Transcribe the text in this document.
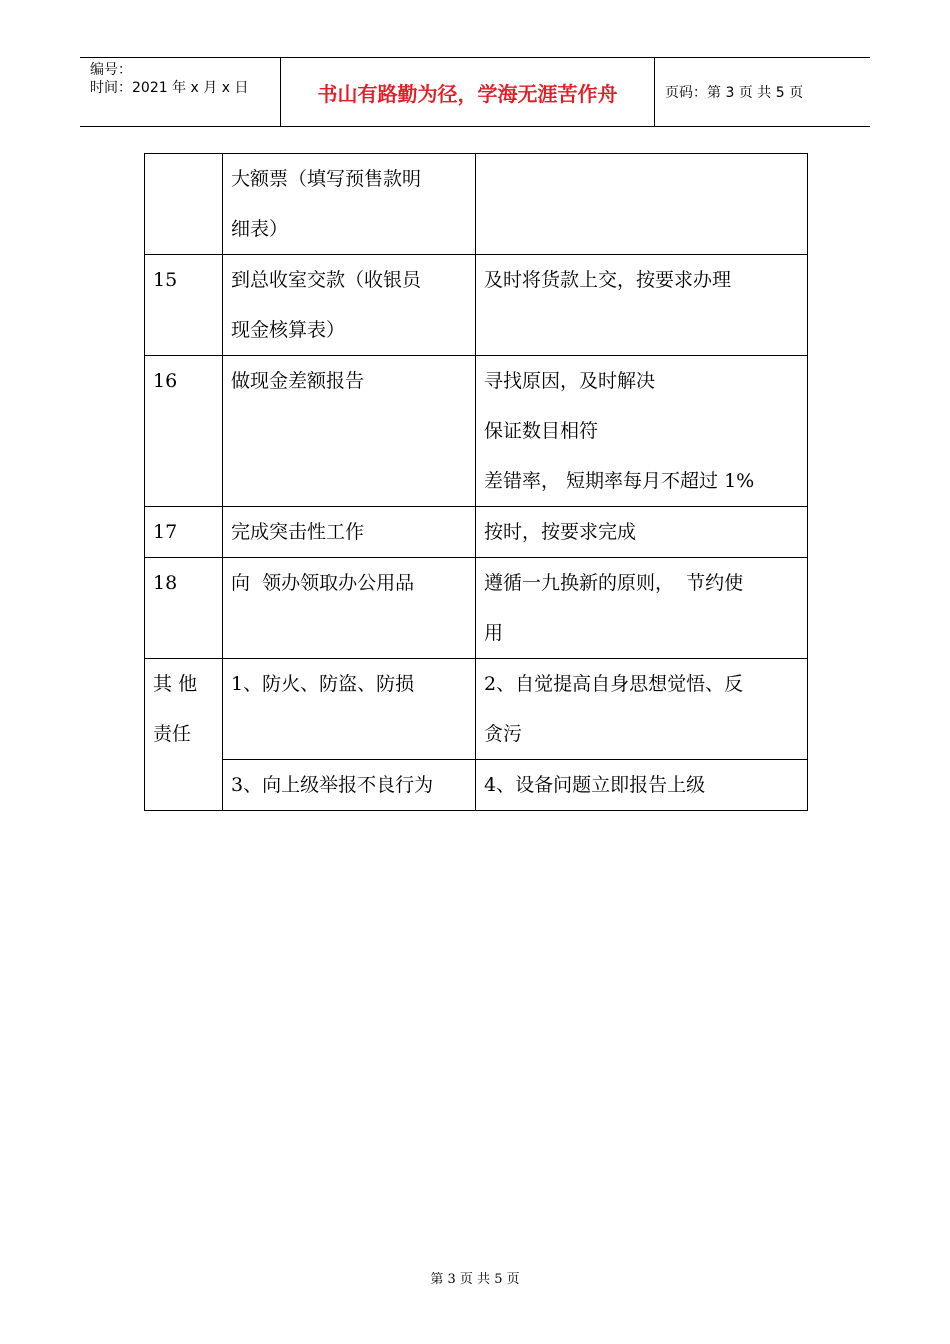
编号：
时间：2021 年 x 月 x 日	书山有路勤为径，学海无涯苦作舟	页码：第 3 页 共 5 页

	大额票（填写预售款明
细表）	

15	到总收室交款（收银员
现金核算表）	及时将货款上交，按要求办理

16	做现金差额报告	寻找原因，及时解决
保证数目相符
差错率， 短期率每月不超过 1%

17	完成突击性工作	按时，按要求完成

18	向  领办领取办公用品	遵循一九换新的原则，  节约使
用

其 他
责任	1、防火、防盗、防损	2、自觉提高自身思想觉悟、反
贪污

	3、向上级举报不良行为	4、设备问题立即报告上级
第 3 页 共 5 页
